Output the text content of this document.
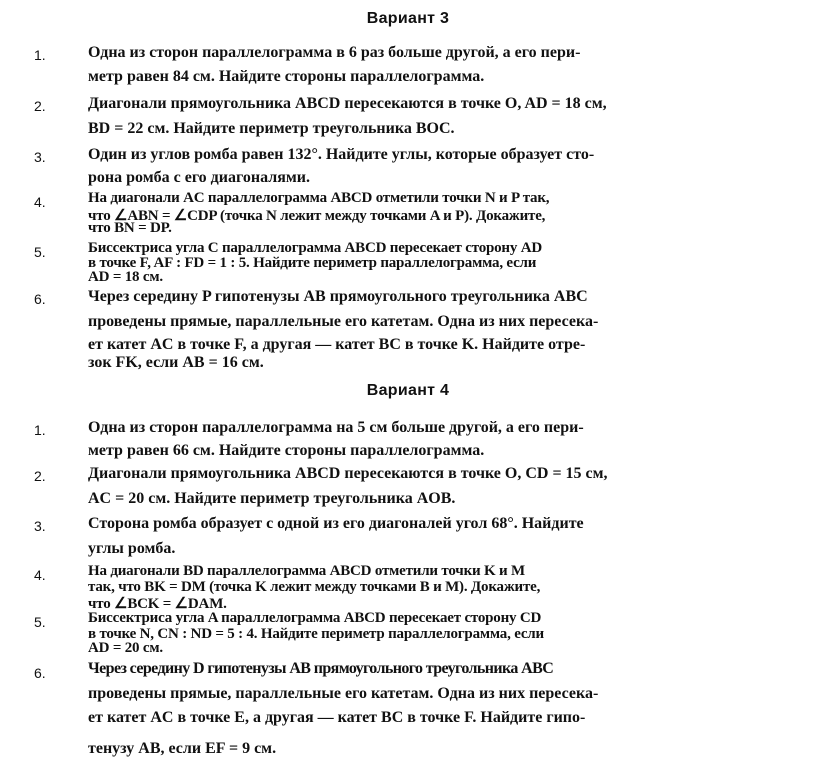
Вариант 3
1.	Одна из сторон параллелограмма в 6 раз больше другой, а его пери-
метр равен 84 см. Найдите стороны параллелограмма.
2.	Диагонали прямоугольника ABCD пересекаются в точке O, AD = 18 см,
BD = 22 см. Найдите периметр треугольника BOC.
3.	Один из углов ромба равен 132°. Найдите углы, которые образует сто-
рона ромба с его диагоналями.
4.	На диагонали AC параллелограмма ABCD отметили точки N и P так,
что ∠ABN = ∠CDP (точка N лежит между точками A и P). Докажите,
что BN = DP.
5.	Биссектриса угла C параллелограмма ABCD пересекает сторону AD
в точке F, AF : FD = 1 : 5. Найдите периметр параллелограмма, если
AD = 18 см.
6.	Через середину P гипотенузы AB прямоугольного треугольника ABC
проведены прямые, параллельные его катетам. Одна из них пересека-
ет катет AC в точке F, а другая — катет BC в точке K. Найдите отре-
зок FK, если AB = 16 см.
Вариант 4
1.	Одна из сторон параллелограмма на 5 см больше другой, а его пери-
метр равен 66 см. Найдите стороны параллелограмма.
2.	Диагонали прямоугольника ABCD пересекаются в точке O, CD = 15 см,
AC = 20 см. Найдите периметр треугольника AOB.
3.	Сторона ромба образует с одной из его диагоналей угол 68°. Найдите
углы ромба.
4.	На диагонали BD параллелограмма ABCD отметили точки K и M
так, что BK = DM (точка K лежит между точками B и M). Докажите,
что ∠BCK = ∠DAM.
5.	Биссектриса угла A параллелограмма ABCD пересекает сторону CD
в точке N, CN : ND = 5 : 4. Найдите периметр параллелограмма, если
AD = 20 см.
6.	Через середину D гипотенузы AB прямоугольного треугольника ABC
проведены прямые, параллельные его катетам. Одна из них пересека-
ет катет AC в точке E, а другая — катет BC в точке F. Найдите гипо-
тенузу AB, если EF = 9 см.
